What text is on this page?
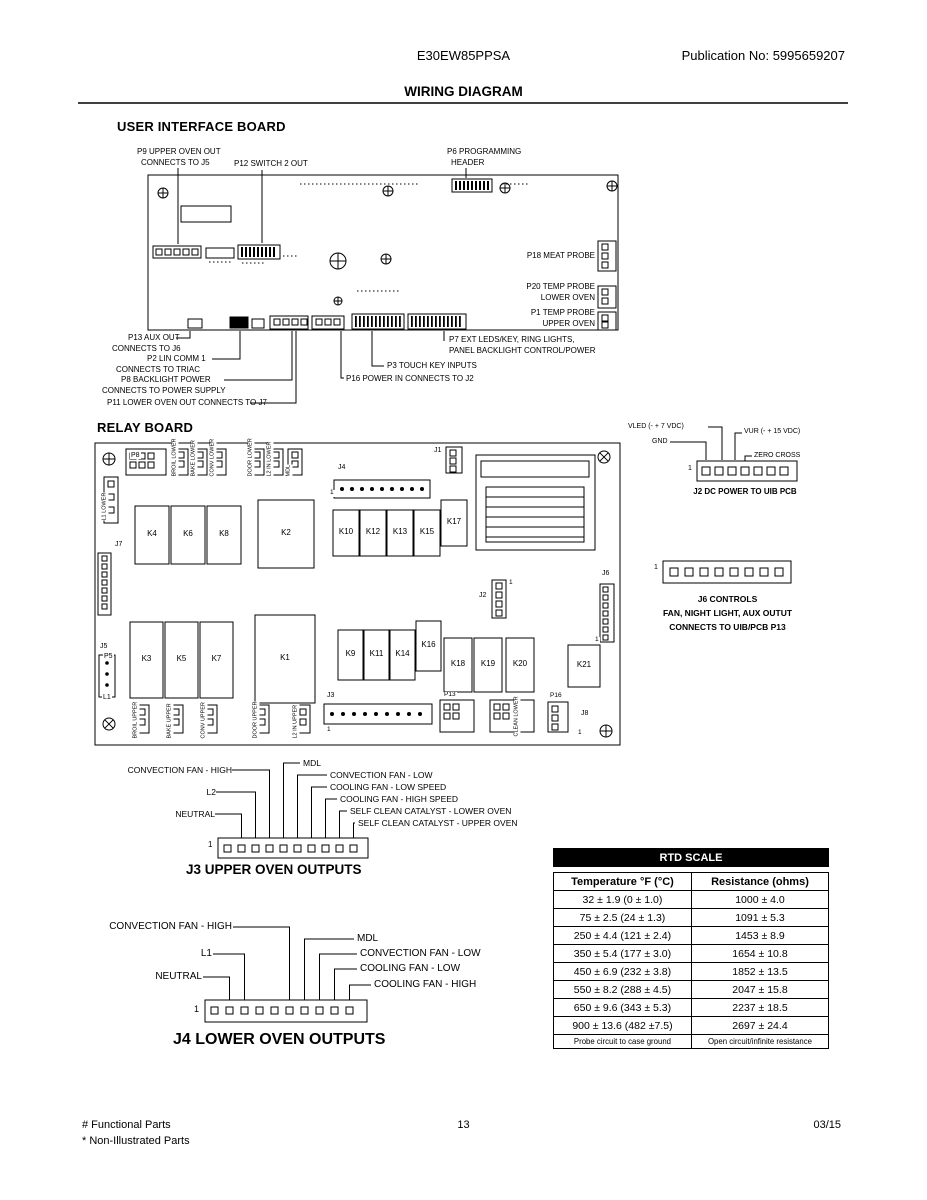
E30EW85PPSA	Publication No: 5995659207
WIRING DIAGRAM
USER INTERFACE BOARD
P9 UPPER OVEN OUT
CONNECTS TO J5	P12 SWITCH 2 OUT
P6 PROGRAMMING
HEADER
P18 MEAT PROBE
P20 TEMP PROBE
LOWER OVEN
P1 TEMP PROBE
UPPER OVEN
P13 AUX OUT
CONNECTS TO J6
P2 LIN COMM 1
CONNECTS TO TRIAC
P8 BACKLIGHT POWER
CONNECTS TO POWER SUPPLY
P11 LOWER OVEN OUT CONNECTS TO J7
P7 EXT LEDS/KEY, RING LIGHTS,
PANEL BACKLIGHT CONTROL/POWER
P3 TOUCH KEY INPUTS
P16 POWER IN CONNECTS TO J2
RELAY BOARD
K4	K6	K8	K2	K10	K12	K13	K15
K17
K3	K5	K7	K1	K9	K11	K14
K16
K18	K19	K20	K21
J1
J4
1
J2
1
J6
1
J3
1
J7
J5
P5
L1
J8
1
P8
P13	P16
L1 LOWER
BROIL LOWER BAKE LOWER CONV LOWER	DOOR LOWER L2 IN LOWER MDL
BROIL UPPER	BAKE UPPER	CONV UPPER	DOOR UPPER	L2 IN UPPER	CLEAN LOWER
VLED (- + 7 VDC)
GND
VUR (- + 15 VDC)
ZERO CROSS
1
J2 DC POWER TO UIB PCB
1
J6 CONTROLS
FAN, NIGHT LIGHT, AUX OUTUT
CONNECTS TO UIB/PCB P13
CONVECTION FAN - HIGH
L2
NEUTRAL
MDL
CONVECTION FAN - LOW
COOLING FAN - LOW SPEED
COOLING FAN - HIGH SPEED
SELF CLEAN CATALYST - LOWER OVEN
SELF CLEAN CATALYST - UPPER OVEN
1
J3 UPPER OVEN OUTPUTS
CONVECTION FAN - HIGH
L1
NEUTRAL
MDL
CONVECTION FAN - LOW
COOLING FAN - LOW
COOLING FAN - HIGH
1
J4 LOWER OVEN OUTPUTS
RTD SCALE
Temperature °F (°C)	Resistance (ohms)
32 ± 1.9 (0 ± 1.0)	1000 ± 4.0
75 ± 2.5 (24 ± 1.3)	1091 ± 5.3
250 ± 4.4 (121 ± 2.4)	1453 ± 8.9
350 ± 5.4 (177 ± 3.0)	1654 ± 10.8
450 ± 6.9 (232 ± 3.8)	1852 ± 13.5
550 ± 8.2 (288 ± 4.5)	2047 ± 15.8
650 ± 9.6 (343 ± 5.3)	2237 ± 18.5
900 ± 13.6 (482 ±7.5)	2697 ± 24.4
Probe circuit to case ground	Open circuit/infinite resistance
# Functional Parts
* Non-Illustrated Parts
13	03/15
